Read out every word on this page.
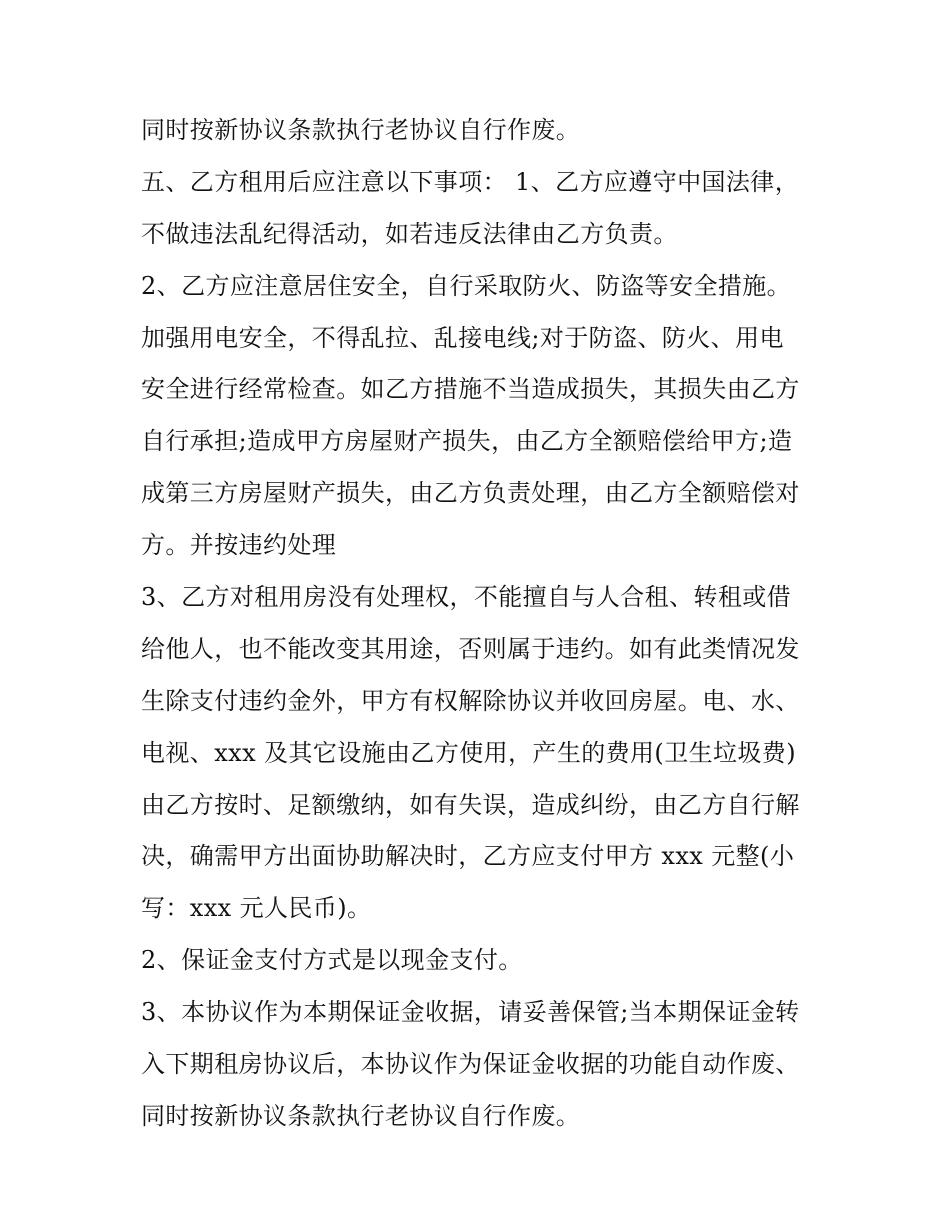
同时按新协议条款执行老协议自行作废。
五、乙方租用后应注意以下事项： 1、乙方应遵守中国法律，
不做违法乱纪得活动，如若违反法律由乙方负责。
2、乙方应注意居住安全，自行采取防火、防盗等安全措施。
加强用电安全，不得乱拉、乱接电线;对于防盗、防火、用电
安全进行经常检查。如乙方措施不当造成损失，其损失由乙方
自行承担;造成甲方房屋财产损失，由乙方全额赔偿给甲方;造
成第三方房屋财产损失，由乙方负责处理，由乙方全额赔偿对
方。并按违约处理
3、乙方对租用房没有处理权，不能擅自与人合租、转租或借
给他人，也不能改变其用途，否则属于违约。如有此类情况发
生除支付违约金外，甲方有权解除协议并收回房屋。电、水、
电视、xxx 及其它设施由乙方使用，产生的费用(卫生垃圾费)
由乙方按时、足额缴纳，如有失误，造成纠纷，由乙方自行解
决，确需甲方出面协助解决时，乙方应支付甲方 xxx 元整(小
写：xxx 元人民币)。
2、保证金支付方式是以现金支付。
3、本协议作为本期保证金收据，请妥善保管;当本期保证金转
入下期租房协议后，本协议作为保证金收据的功能自动作废、
同时按新协议条款执行老协议自行作废。
